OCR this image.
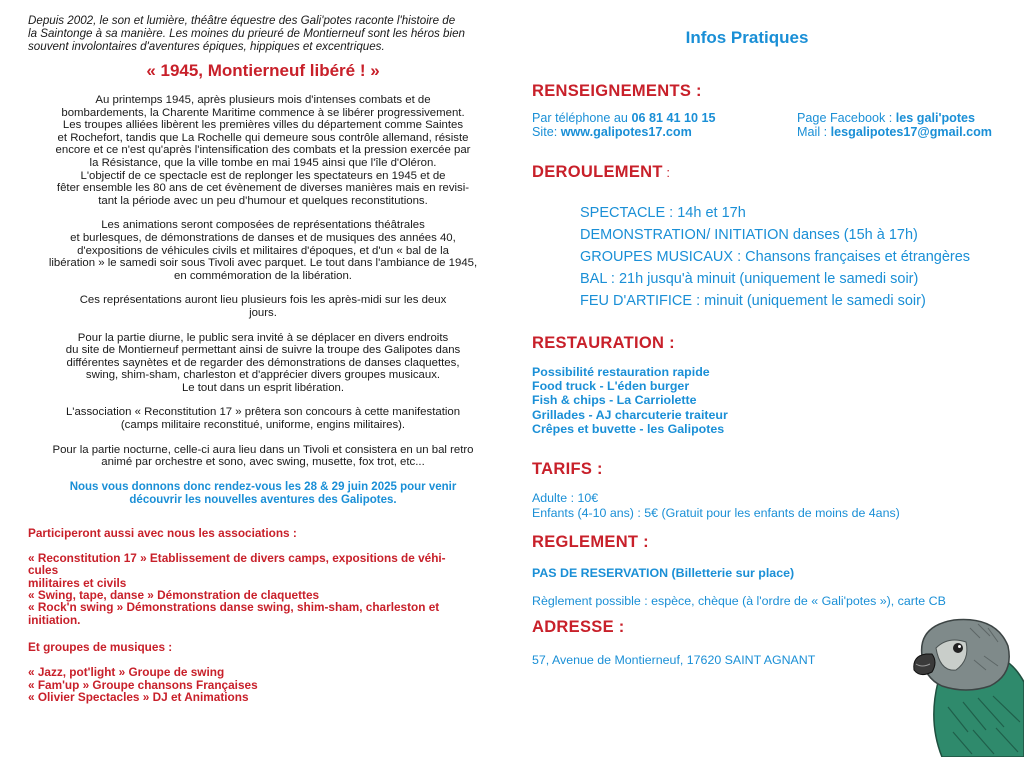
Depuis 2002, le son et lumière, théâtre équestre des Gali'potes raconte l'histoire de
la Saintonge à sa manière. Les moines du prieuré de Montierneuf sont les héros bien
souvent involontaires d'aventures épiques, hippiques et excentriques.

« 1945, Montierneuf libéré ! »

Au printemps 1945, après plusieurs mois d'intenses combats et de
bombardements, la Charente Maritime commence à se libérer progressivement.
Les troupes alliées libèrent les premières villes du département comme Saintes
et Rochefort, tandis que La Rochelle qui demeure sous contrôle allemand, résiste
encore et ce n'est qu'après l'intensification des combats et la pression exercée par
la Résistance, que la ville tombe en mai 1945 ainsi que l'île d'Oléron.
L'objectif de ce spectacle est de replonger les spectateurs en 1945 et de
fêter ensemble les 80 ans de cet évènement de diverses manières mais en revisi-
tant la période avec un peu d'humour et quelques reconstitutions.

Les animations seront composées de représentations théâtrales
et burlesques, de démonstrations de danses et de musiques des années 40,
d'expositions de véhicules civils et militaires d'époques, et d'un « bal de la
libération » le samedi soir sous Tivoli avec parquet. Le tout dans l'ambiance de 1945,
en commémoration de la libération.

Ces représentations auront lieu plusieurs fois les après-midi sur les deux
jours.

Pour la partie diurne, le public sera invité à se déplacer en divers endroits
du site de Montierneuf permettant ainsi de suivre la troupe des Galipotes dans
différentes saynètes et de regarder des démonstrations de danses claquettes,
swing, shim-sham, charleston et d'apprécier divers groupes musicaux.
Le tout dans un esprit libération.

L'association « Reconstitution 17 » prêtera son concours à cette manifestation
(camps militaire reconstitué, uniforme, engins militaires).

Pour la partie nocturne, celle-ci aura lieu dans un Tivoli et consistera en un bal retro
animé par orchestre et sono, avec swing, musette, fox trot, etc...

Nous vous donnons donc rendez-vous les 28 & 29 juin 2025 pour venir
découvrir les nouvelles aventures des Galipotes.

Participeront aussi avec nous les associations :
« Reconstitution 17 » Etablissement de divers camps, expositions de véhi-
cules
militaires et civils
« Swing, tape, danse » Démonstration de claquettes
« Rock'n swing » Démonstrations danse swing, shim-sham, charleston et
initiation.
Et groupes de musiques :
« Jazz, pot'light » Groupe de swing
« Fam'up » Groupe chansons Françaises
« Olivier Spectacles » DJ et Animations
Infos Pratiques
RENSEIGNEMENTS :
Par téléphone au 06 81 41 10 15
Site: www.galipotes17.com
Page Facebook : les gali'potes
Mail : lesgalipotes17@gmail.com
DEROULEMENT :
SPECTACLE : 14h et 17h
DEMONSTRATION/ INITIATION danses (15h à 17h)
GROUPES MUSICAUX : Chansons françaises et étrangères
BAL : 21h jusqu'à minuit (uniquement le samedi soir)
FEU D'ARTIFICE : minuit (uniquement le samedi soir)
RESTAURATION :
Possibilité restauration rapide
Food truck - L'éden burger
Fish & chips - La Carriolette
Grillades - AJ charcuterie traiteur
Crêpes et buvette - les Galipotes
TARIFS :
Adulte : 10€
Enfants (4-10 ans) : 5€ (Gratuit pour les enfants de moins de 4ans)
REGLEMENT :
PAS DE RESERVATION (Billetterie sur place)
Règlement possible : espèce, chèque (à l'ordre de « Gali'potes »), carte CB
ADRESSE :
57, Avenue de Montierneuf, 17620 SAINT AGNANT
